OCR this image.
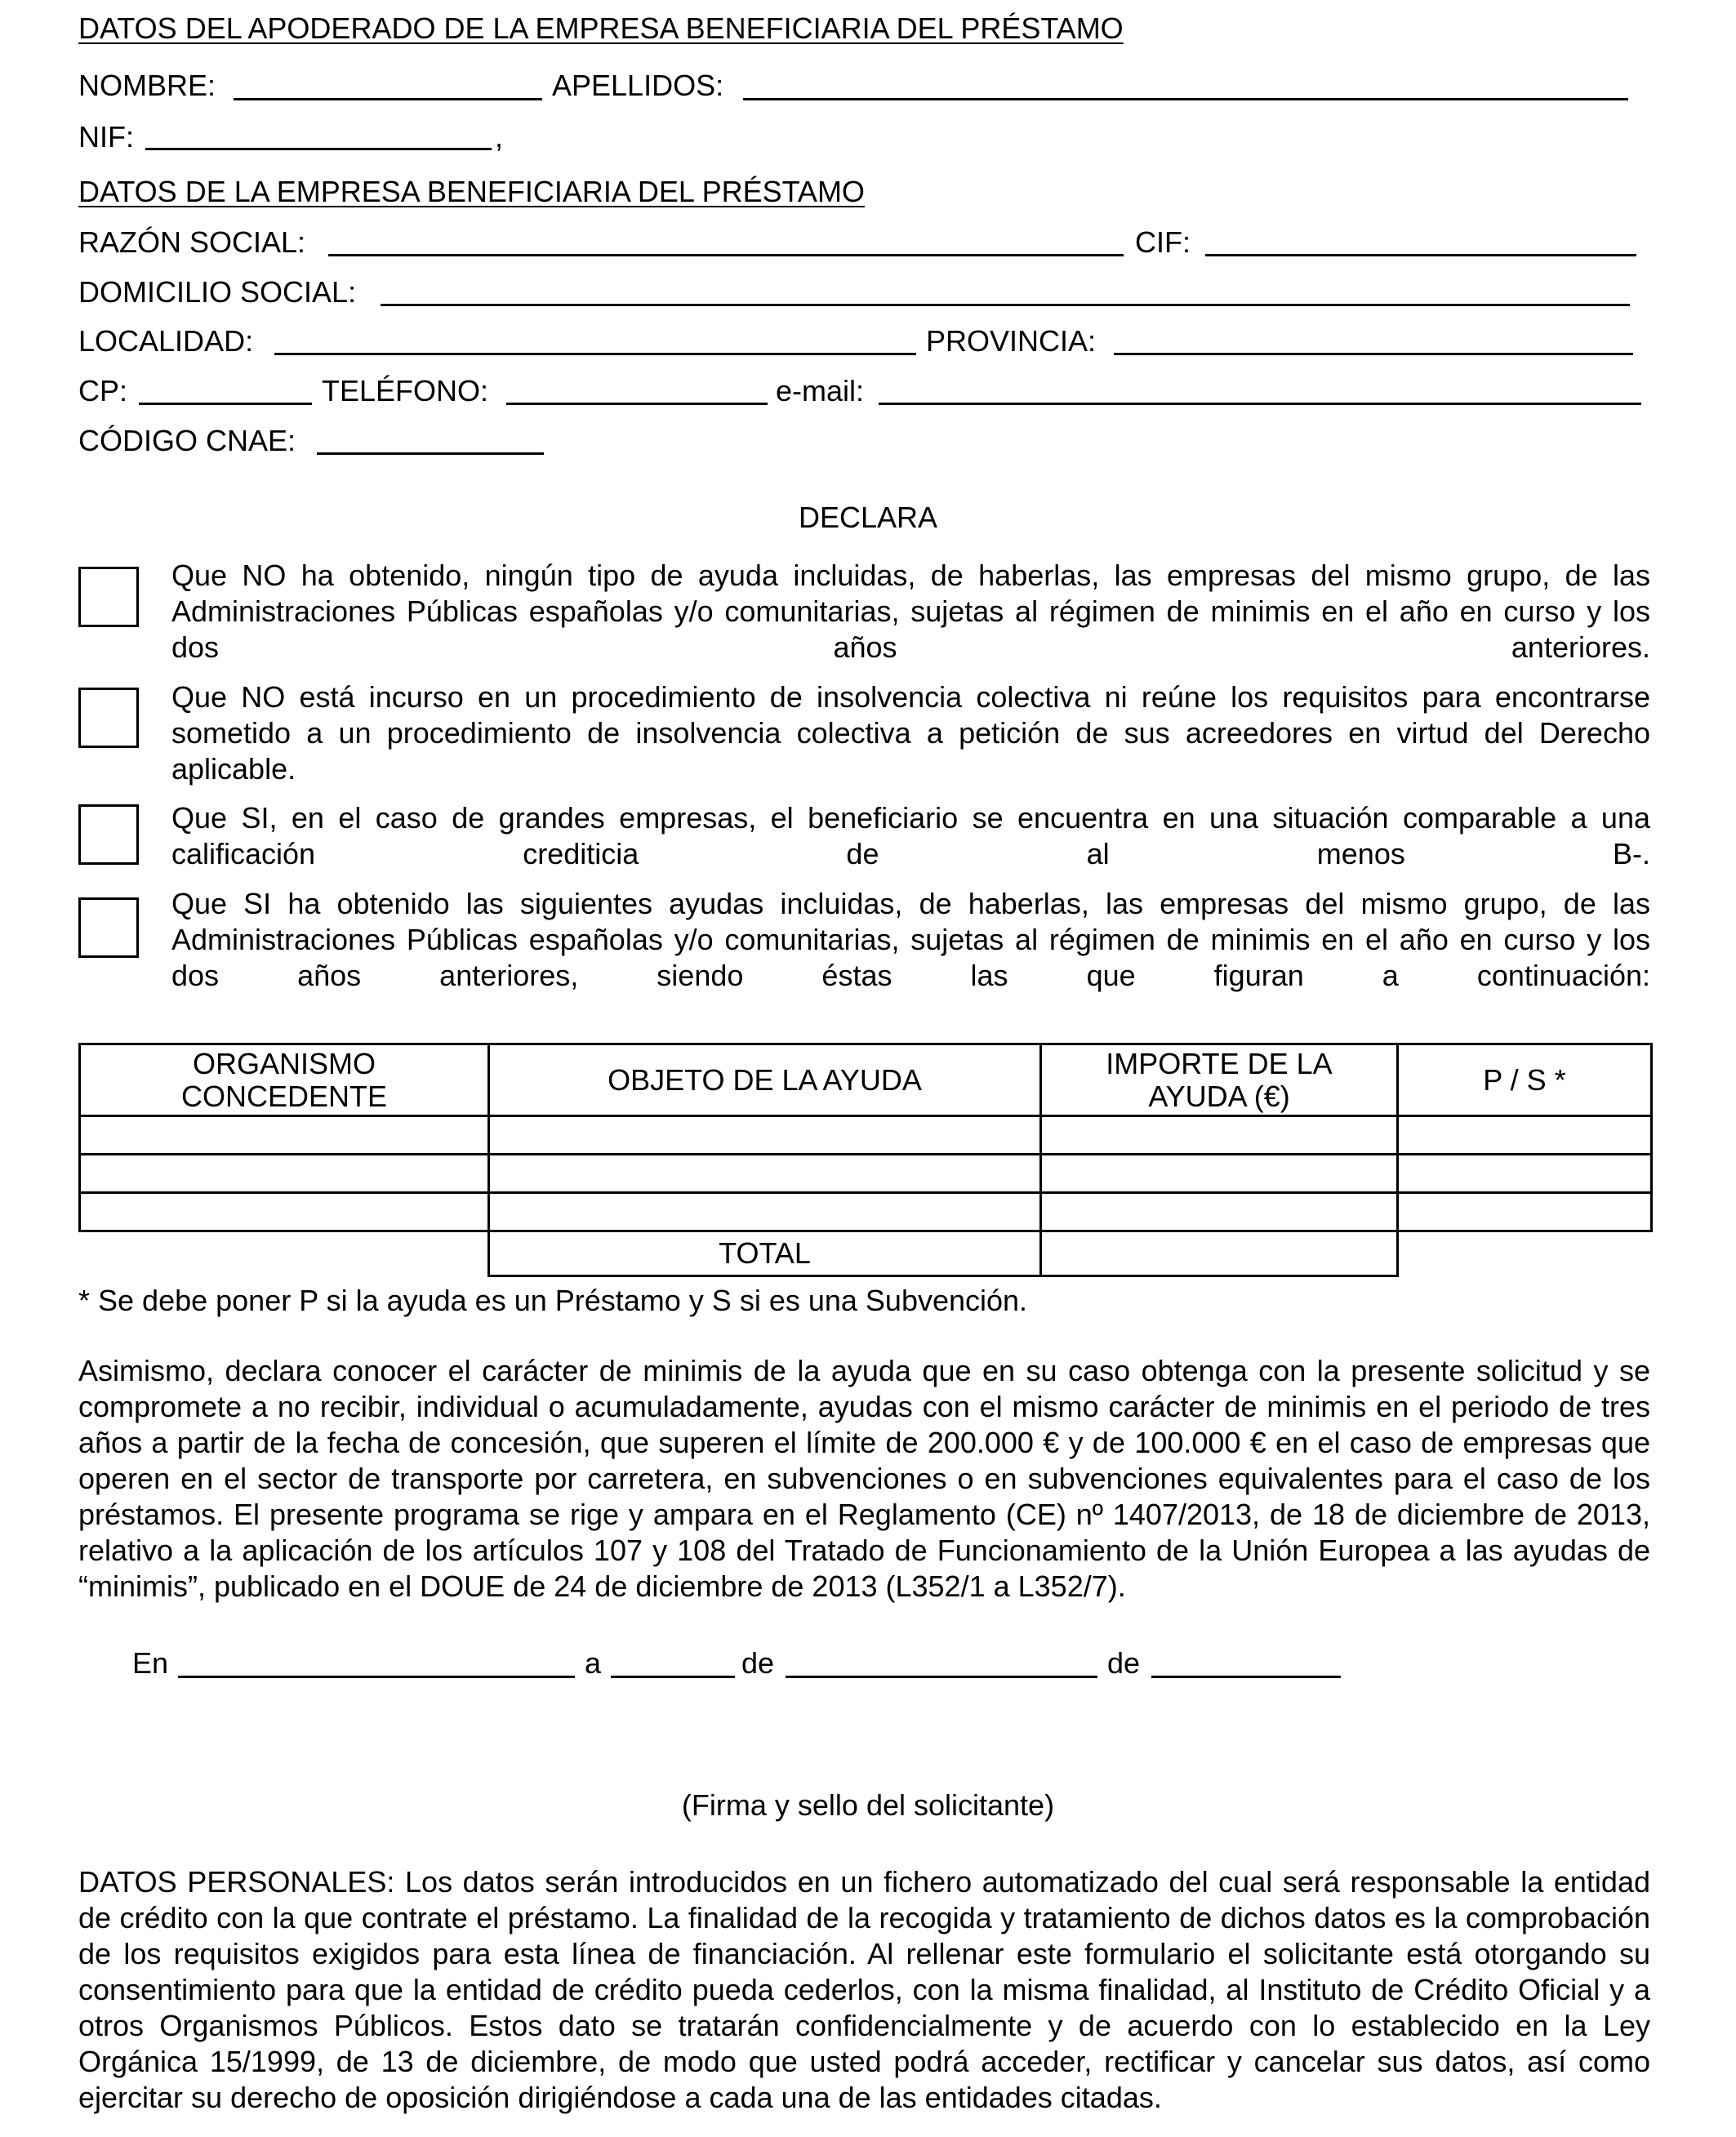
DATOS DEL APODERADO DE LA EMPRESA BENEFICIARIA DEL PRÉSTAMO
NOMBRE:	APELLIDOS:
NIF:	,
DATOS DE LA EMPRESA BENEFICIARIA DEL PRÉSTAMO
RAZÓN SOCIAL:	CIF:
DOMICILIO SOCIAL:
LOCALIDAD:	PROVINCIA:
CP:	TELÉFONO:	e-mail:
CÓDIGO CNAE:
DECLARA
Que NO ha obtenido, ningún tipo de ayuda incluidas, de haberlas, las empresas del mismo grupo, de las Administraciones Públicas españolas y/o comunitarias, sujetas al régimen de minimis en el año en curso y los dos años anteriores.
Que NO está incurso en un procedimiento de insolvencia colectiva ni reúne los requisitos para encontrarse sometido a un procedimiento de insolvencia colectiva a petición de sus acreedores en virtud del Derecho aplicable.
Que SI, en el caso de grandes empresas, el beneficiario se encuentra en una situación comparable a una calificación crediticia de al menos B-.
Que SI ha obtenido las siguientes ayudas incluidas, de haberlas, las empresas del mismo grupo, de las Administraciones Públicas españolas y/o comunitarias, sujetas al régimen de minimis en el año en curso y los dos años anteriores, siendo éstas las que figuran a continuación:
ORGANISMO CONCEDENTE	OBJETO DE LA AYUDA	IMPORTE DE LA AYUDA (€)	P / S *

	TOTAL		
* Se debe poner P si la ayuda es un Préstamo y S si es una Subvención.
Asimismo, declara conocer el carácter de minimis de la ayuda que en su caso obtenga con la presente solicitud y se compromete a no recibir, individual o acumuladamente, ayudas con el mismo carácter de minimis en el periodo de tres años a partir de la fecha de concesión, que superen el límite de 200.000 € y de 100.000 € en el caso de empresas que operen en el sector de transporte por carretera, en subvenciones o en subvenciones equivalentes para el caso de los préstamos. El presente programa se rige y ampara en el Reglamento (CE) nº 1407/2013, de 18 de diciembre de 2013, relativo a la aplicación de los artículos 107 y 108 del Tratado de Funcionamiento de la Unión Europea a las ayudas de “minimis”, publicado en el DOUE de 24 de diciembre de 2013 (L352/1 a L352/7).
En	a	de	de
(Firma y sello del solicitante)
DATOS PERSONALES: Los datos serán introducidos en un fichero automatizado del cual será responsable la entidad de crédito con la que contrate el préstamo. La finalidad de la recogida y tratamiento de dichos datos es la comprobación de los requisitos exigidos para esta línea de financiación. Al rellenar este formulario el solicitante está otorgando su consentimiento para que la entidad de crédito pueda cederlos, con la misma finalidad, al Instituto de Crédito Oficial y a otros Organismos Públicos. Estos dato se tratarán confidencialmente y de acuerdo con lo establecido en la Ley Orgánica 15/1999, de 13 de diciembre, de modo que usted podrá acceder, rectificar y cancelar sus datos, así como ejercitar su derecho de oposición dirigiéndose a cada una de las entidades citadas.
